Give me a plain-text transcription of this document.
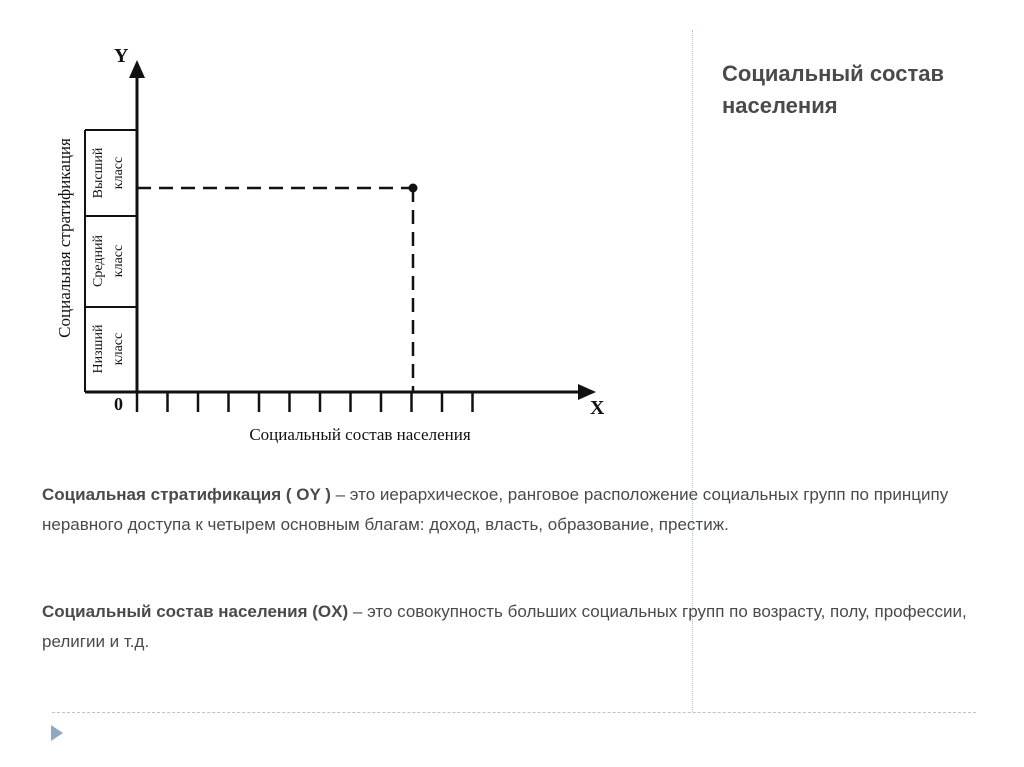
Социальный состав населения
Высший класс
Средний класс
Низший класс
Социальная стратификация
Y
X
0
Социальный состав населения

Социальная стратификация ( OY ) – это иерархическое, ранговое расположение социальных групп по принципу неравного доступа к четырем основным благам: доход, власть, образование, престиж.

Социальный состав населения (OX) – это совокупность больших социальных групп по возрасту, полу, профессии, религии и т.д.
